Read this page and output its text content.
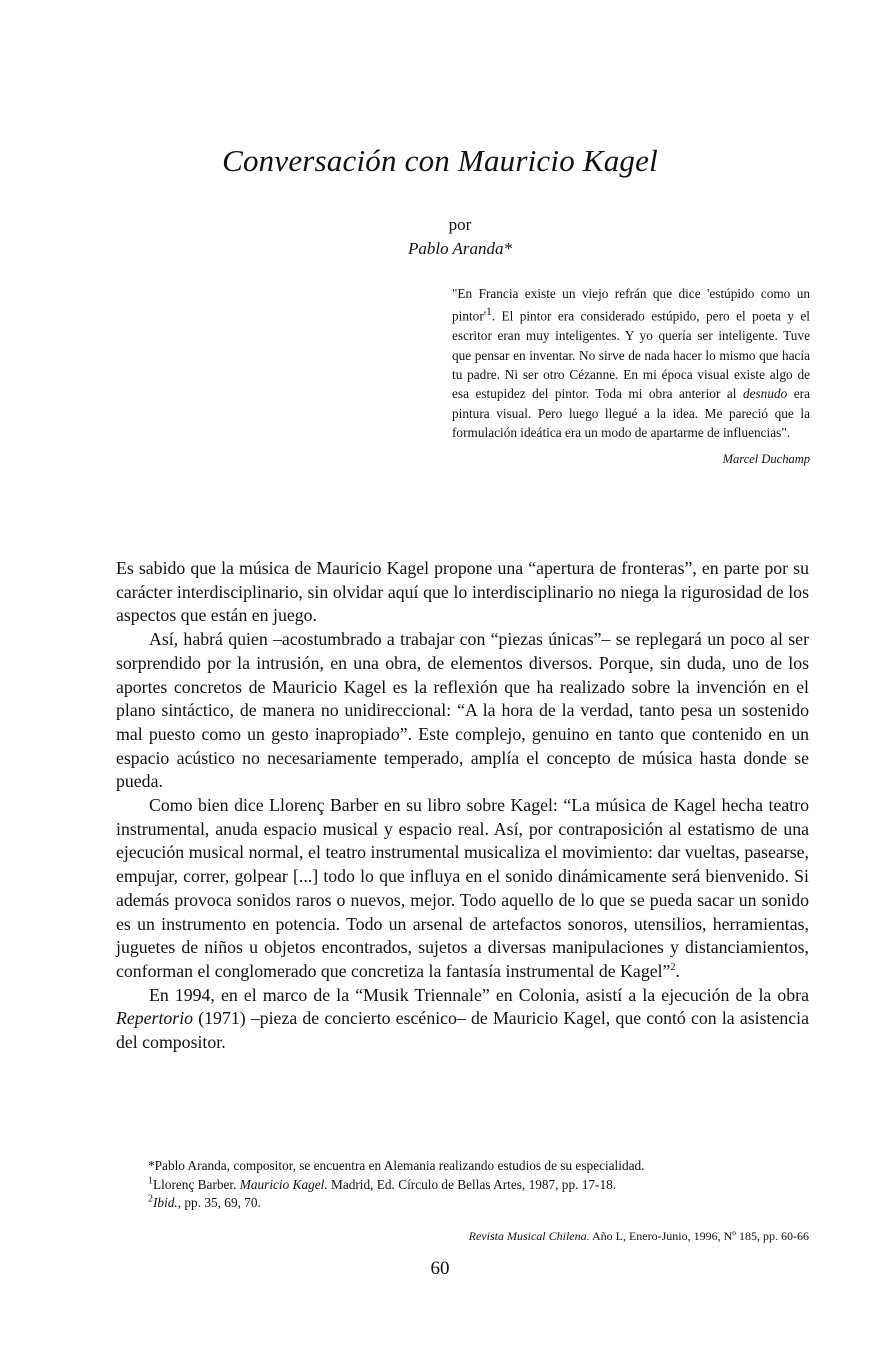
Conversación con Mauricio Kagel
por
Pablo Aranda*

"En Francia existe un viejo refrán que dice 'estúpido como un $pintor'^1$. El pintor era considerado estúpido, pero el poeta y el escritor eran muy inteligentes. Y yo quería ser inteligente. Tuve que pensar en inventar. No sirve de nada hacer lo mismo que hacía tu padre. Ni ser otro Cézanne. En mi época visual existe algo de esa estupidez del pintor. Toda mi obra anterior al desnudo era pintura visual. Pero luego llegué a la idea. Me pareció que la formulación ideática era un modo de apartarme de influencias".

Marcel Duchamp

Es sabido que la música de Mauricio Kagel propone una “apertura de fronteras”, en parte por su carácter interdisciplinario, sin olvidar aquí que lo interdisciplinario no niega la rigurosidad de los aspectos que están en juego.

Así, habrá quien –acostumbrado a trabajar con “piezas únicas”– se replegará un poco al ser sorprendido por la intrusión, en una obra, de elementos diversos. Porque, sin duda, uno de los aportes concretos de Mauricio Kagel es la reflexión que ha realizado sobre la invención en el plano sintáctico, de manera no unidireccional: “A la hora de la verdad, tanto pesa un sostenido mal puesto como un gesto inapropiado”. Este complejo, genuino en tanto que contenido en un espacio acústico no necesariamente temperado, amplía el concepto de música hasta donde se pueda.

Como bien dice Llorenç Barber en su libro sobre Kagel: “La música de Kagel hecha teatro instrumental, anuda espacio musical y espacio real. Así, por contraposición al estatismo de una ejecución musical normal, el teatro instrumental musicaliza el movimiento: dar vueltas, pasearse, empujar, correr, golpear [...] todo lo que influya en el sonido dinámicamente será bienvenido. Si además provoca sonidos raros o nuevos, mejor. Todo aquello de lo que se pueda sacar un sonido es un instrumento en potencia. Todo un arsenal de artefactos sonoros, utensilios, herramientas, juguetes de niños u objetos encontrados, sujetos a diversas manipulaciones y distanciamientos, conforman el conglomerado que concretiza la fantasía instrumental de Kagel”$^2$.

En 1994, en el marco de la “Musik Triennale” en Colonia, asistí a la ejecución de la obra Repertorio (1971) –pieza de concierto escénico– de Mauricio Kagel, que contó con la asistencia del compositor.

*Pablo Aranda, compositor, se encuentra en Alemania realizando estudios de su especialidad.

$^1$Llorenç Barber. Mauricio Kagel. Madrid, Ed. Círculo de Bellas Artes, 1987, pp. 17-18.

$^2$Ibid., pp. 35, 69, 70.

Revista Musical Chilena. Año L, Enero-Junio, 1996, Nº 185, pp. 60-66
60
